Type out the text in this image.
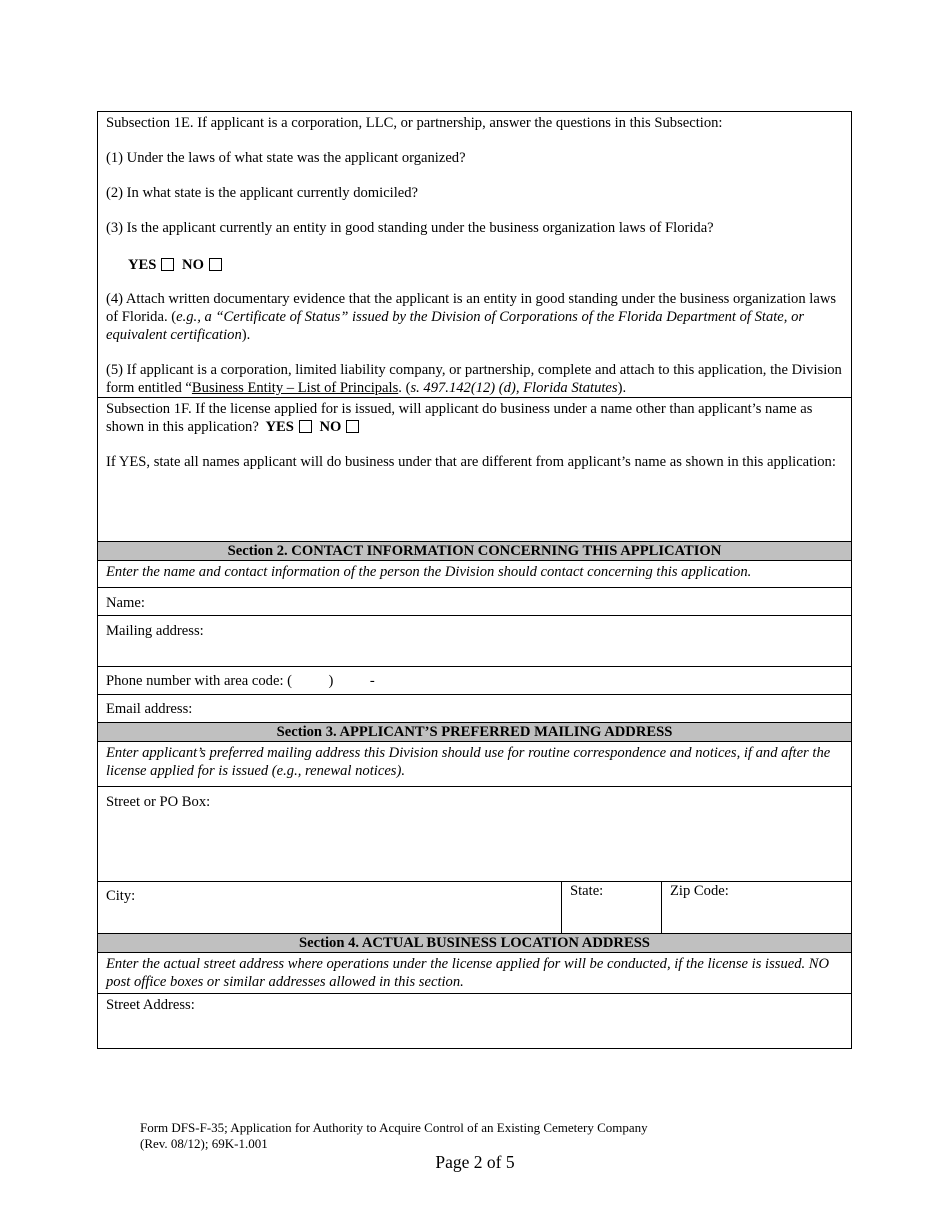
Subsection 1E. If applicant is a corporation, LLC, or partnership, answer the questions in this Subsection:

(1) Under the laws of what state was the applicant organized?

(2) In what state is the applicant currently domiciled?

(3) Is the applicant currently an entity in good standing under the business organization laws of Florida?

YES NO

(4) Attach written documentary evidence that the applicant is an entity in good standing under the business organization laws of Florida. (e.g., a “Certificate of Status” issued by the Division of Corporations of the Florida Department of State, or equivalent certification).

(5) If applicant is a corporation, limited liability company, or partnership, complete and attach to this application, the Division form entitled “Business Entity – List of Principals. (s. 497.142(12) (d), Florida Statutes).

Subsection 1F. If the license applied for is issued, will applicant do business under a name other than applicant’s name as shown in this application? YES NO

If YES, state all names applicant will do business under that are different from applicant’s name as shown in this application:

Section 2. CONTACT INFORMATION CONCERNING THIS APPLICATION
Enter the name and contact information of the person the Division should contact concerning this application.
Name:
Mailing address:
Phone number with area code: (          )          -
Email address:
Section 3. APPLICANT’S PREFERRED MAILING ADDRESS
Enter applicant’s preferred mailing address this Division should use for routine correspondence and notices, if and after the license applied for is issued (e.g., renewal notices).
Street or PO Box:
City:	State:	Zip Code:
Section 4. ACTUAL BUSINESS LOCATION ADDRESS
Enter the actual street address where operations under the license applied for will be conducted, if the license is issued. NO post office boxes or similar addresses allowed in this section.
Street Address:
Form DFS-F-35; Application for Authority to Acquire Control of an Existing Cemetery Company
(Rev. 08/12); 69K-1.001
Page 2 of 5
